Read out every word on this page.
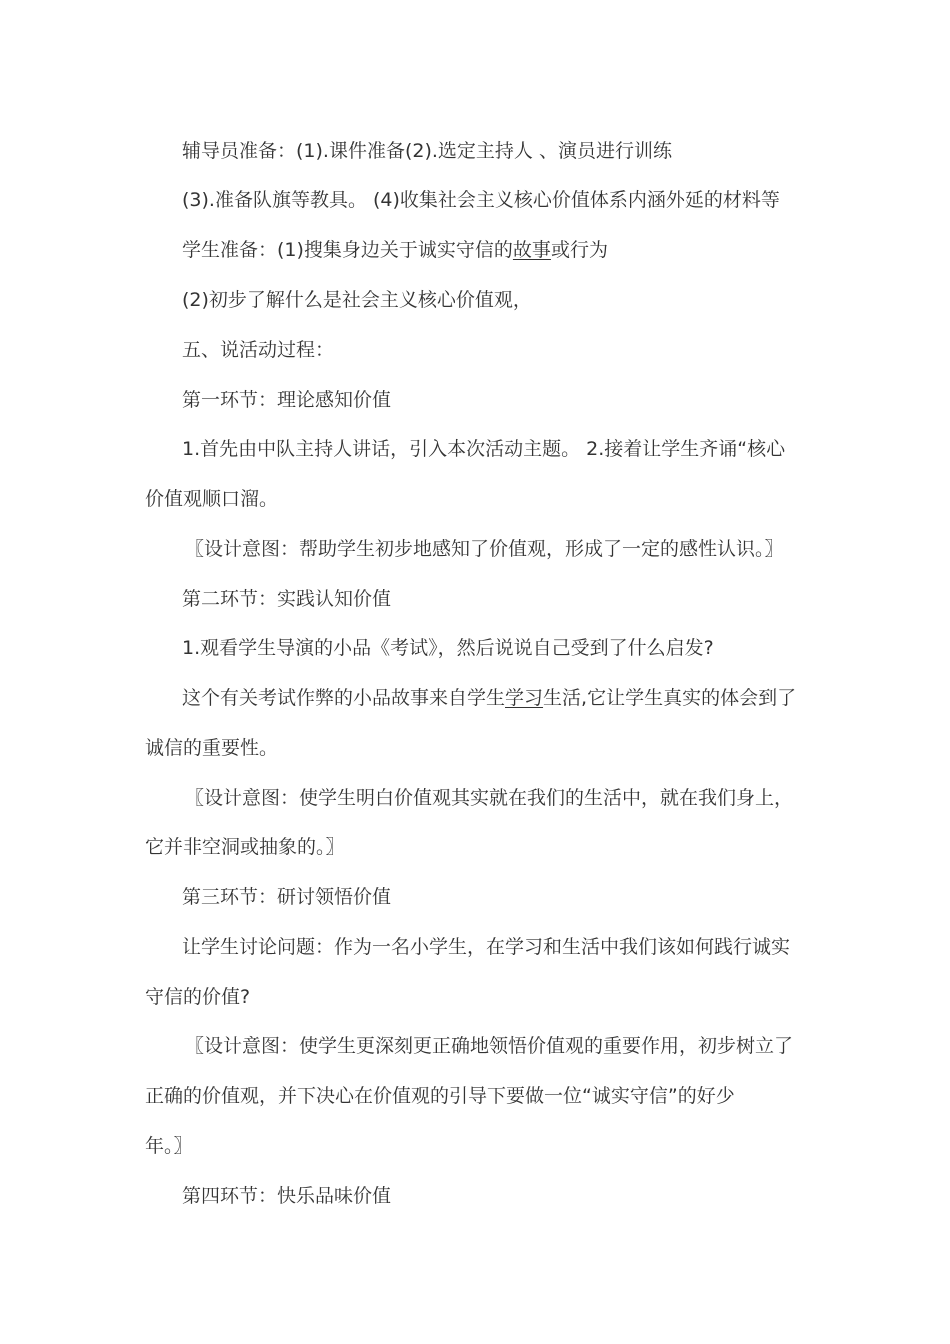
辅导员准备：(1).课件准备(2).选定主持人 、演员进行训练
(3).准备队旗等教具。 (4)收集社会主义核心价值体系内涵外延的材料等
学生准备：(1)搜集身边关于诚实守信的故事或行为
(2)初步了解什么是社会主义核心价值观，
五、说活动过程：
第一环节：理论感知价值
1.首先由中队主持人讲话，引入本次活动主题。 2.接着让学生齐诵“核心
价值观顺口溜。
〖设计意图：帮助学生初步地感知了价值观，形成了一定的感性认识。〗
第二环节：实践认知价值
1.观看学生导演的小品《考试》，然后说说自己受到了什么启发?
这个有关考试作弊的小品故事来自学生学习生活,它让学生真实的体会到了
诚信的重要性。
〖设计意图：使学生明白价值观其实就在我们的生活中，就在我们身上，
它并非空洞或抽象的。〗
第三环节：研讨领悟价值
让学生讨论问题：作为一名小学生，在学习和生活中我们该如何践行诚实
守信的价值?
〖设计意图：使学生更深刻更正确地领悟价值观的重要作用，初步树立了
正确的价值观，并下决心在价值观的引导下要做一位“诚实守信”的好少
年。〗
第四环节：快乐品味价值
